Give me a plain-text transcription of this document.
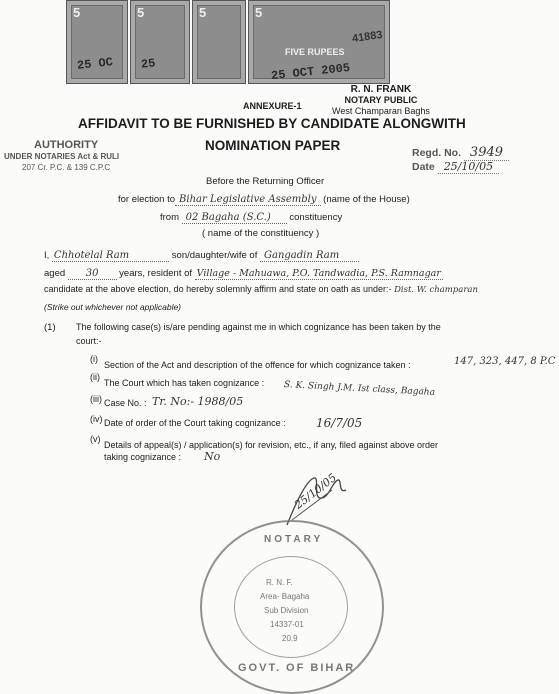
5
25 OC
5
25
5	5
41883
FIVE RUPEES
25 OCT 2005
R. N. FRANK
NOTARY PUBLIC
West Champaran Baghs
ANNEXURE-1
AFFIDAVIT TO BE FURNISHED BY CANDIDATE ALONGWITH
NOMINATION PAPER
AUTHORITY
UNDER NOTARIES Act & RULI
207 Cr. P.C. & 139 C.P.C
Regd. No. 3949
Date 25/10/05
Before the Returning Officer
for election to Bihar Legislative Assembly (name of the House)
from 02 Bagaha (S.C.) constituency
( name of the constituency )
I, Chhotelal Ram	son/daughter/wife of Gangadin Ram
aged 30 years, resident of Village - Mahuawa, P.O. Tandwadia, P.S. Ramnagar
candidate at the above election, do hereby solemnly affirm and state on oath as under:- Dist. W. champaran
(Strike out whichever not applicable)
(1) The following case(s) is/are pending against me in which cognizance has been taken by the
court:-
(i)
Section of the Act and description of the offence for which cognizance taken :	147, 323, 447, 8 P.C
(ii)
The Court which has taken cognizance : S. K. Singh J.M. Ist class, Bagaha
(iii) Case No. : Tr. No:- 1988/05
(iv) Date of order of the Court taking cognizance :	16/7/05
(v)
Details of appeal(s) / application(s) for revision, etc., if any, filed against above order
taking cognizance : No
25/10/05
NOTARY
R. N. F.
Area- Bagaha
Sub Division
14337-01
20.9
GOVT. OF BIHAR
